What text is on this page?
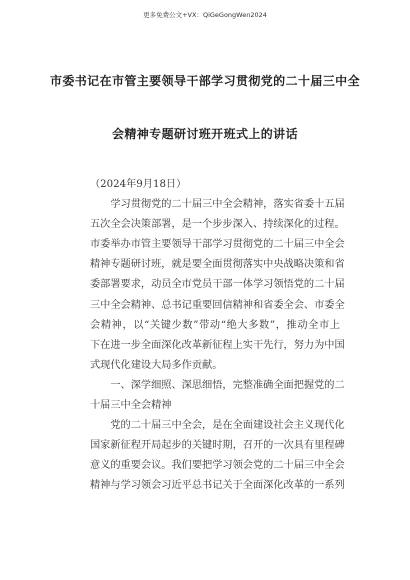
更多免费公文+VX：QiGeGongWen2024
市委书记在市管主要领导干部学习贯彻党的二十届三中全
会精神专题研讨班开班式上的讲话
（2024年9月18日）
　　学习贯彻党的二十届三中全会精神，落实省委十五届
五次全会决策部署，是一个步步深入、持续深化的过程。
市委举办市管主要领导干部学习贯彻党的二十届三中全会
精神专题研讨班，就是要全面贯彻落实中央战略决策和省
委部署要求，动员全市党员干部一体学习领悟党的二十届
三中全会精神、总书记重要回信精神和省委全会、市委全
会精神，以“关键少数”带动“绝大多数”，推动全市上
下在进一步全面深化改革新征程上实干先行，努力为中国
式现代化建设大局多作贡献。
　　一、深学细照、深思细悟，完整准确全面把握党的二
十届三中全会精神
　　党的二十届三中全会，是在全面建设社会主义现代化
国家新征程开局起步的关键时期，召开的一次具有里程碑
意义的重要会议。我们要把学习领会党的二十届三中全会
精神与学习领会习近平总书记关于全面深化改革的一系列
